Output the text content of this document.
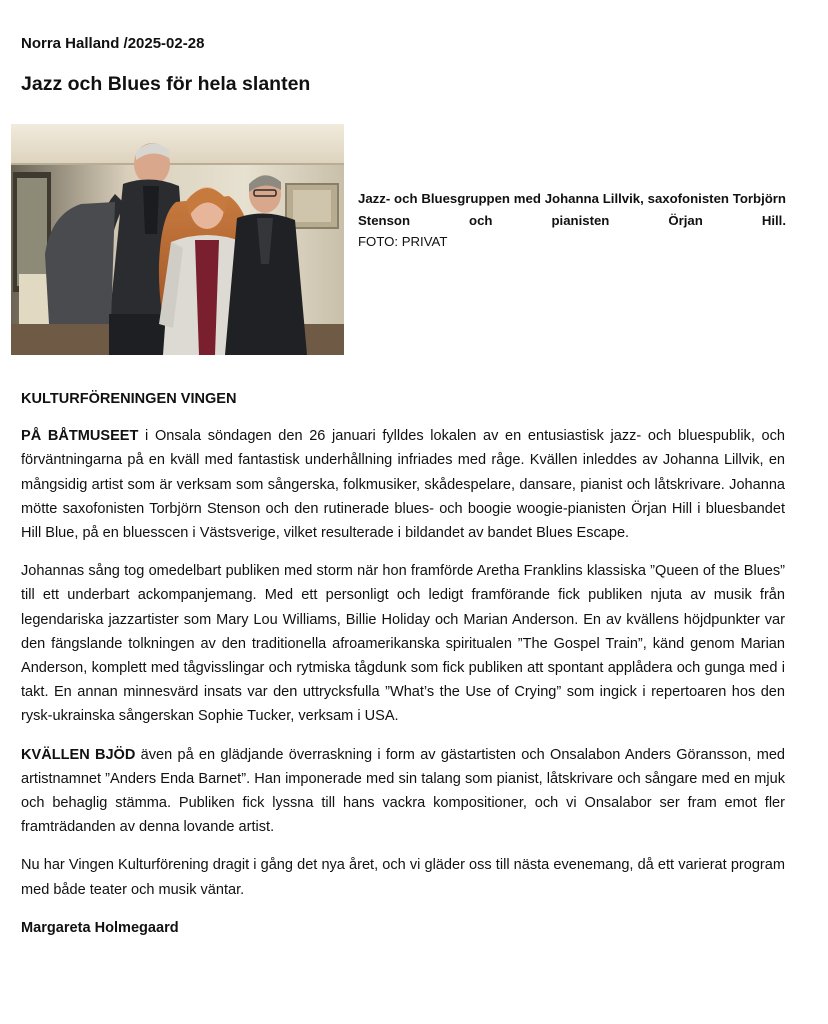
Norra Halland /2025-02-28
Jazz och Blues för hela slanten
Jazz- och Bluesgruppen med Johanna Lillvik, saxofonisten Torbjörn Stenson och pianisten Örjan Hill.
FOTO: PRIVAT

KULTURFÖRENINGEN VINGEN

PÅ BÅTMUSEET i Onsala söndagen den 26 januari fylldes lokalen av en entusiastisk jazz- och bluespublik, och förväntningarna på en kväll med fantastisk underhållning infriades med råge. Kvällen inleddes av Johanna Lillvik, en mångsidig artist som är verksam som sångerska, folkmusiker, skådespelare, dansare, pianist och låtskrivare. Johanna mötte saxofonisten Torbjörn Stenson och den rutinerade blues- och boogie woogie-pianisten Örjan Hill i bluesbandet Hill Blue, på en bluesscen i Västsverige, vilket resulterade i bildandet av bandet Blues Escape.

Johannas sång tog omedelbart publiken med storm när hon framförde Aretha Franklins klassiska ”Queen of the Blues” till ett underbart ackompanjemang. Med ett personligt och ledigt framförande fick publiken njuta av musik från legendariska jazzartister som Mary Lou Williams, Billie Holiday och Marian Anderson. En av kvällens höjdpunkter var den fängslande tolkningen av den traditionella afroamerikanska spiritualen ”The Gospel Train”, känd genom Marian Anderson, komplett med tågvisslingar och rytmiska tågdunk som fick publiken att spontant applådera och gunga med i takt. En annan minnesvärd insats var den uttrycksfulla ”What’s the Use of Crying” som ingick i repertoaren hos den rysk-ukrainska sångerskan Sophie Tucker, verksam i USA.

KVÄLLEN BJÖD även på en glädjande överraskning i form av gästartisten och Onsalabon Anders Göransson, med artistnamnet ”Anders Enda Barnet”. Han imponerade med sin talang som pianist, låtskrivare och sångare med en mjuk och behaglig stämma. Publiken fick lyssna till hans vackra kompositioner, och vi Onsalabor ser fram emot fler framträdanden av denna lovande artist.

Nu har Vingen Kulturförening dragit i gång det nya året, och vi gläder oss till nästa evenemang, då ett varierat program med både teater och musik väntar.

Margareta Holmegaard
